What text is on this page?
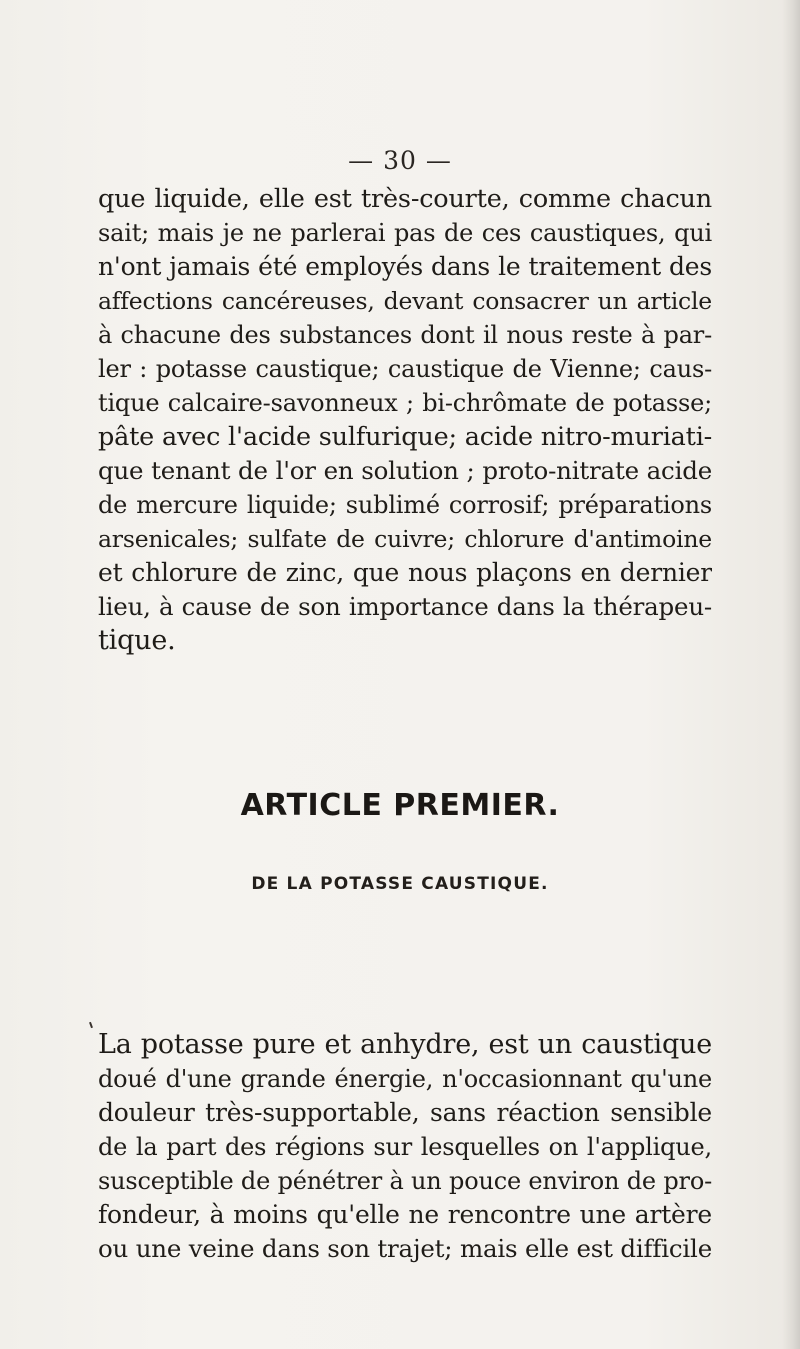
— 30 —
que liquide, elle est très-courte, comme chacun
sait; mais je ne parlerai pas de ces caustiques, qui
n'ont jamais été employés dans le traitement des
affections cancéreuses, devant consacrer un article
à chacune des substances dont il nous reste à par-
ler : potasse caustique; caustique de Vienne; caus-
tique calcaire-savonneux ; bi-chrômate de potasse;
pâte avec l'acide sulfurique; acide nitro-muriati-
que tenant de l'or en solution ; proto-nitrate acide
de mercure liquide; sublimé corrosif; préparations
arsenicales; sulfate de cuivre; chlorure d'antimoine
et chlorure de zinc, que nous plaçons en dernier
lieu, à cause de son importance dans la thérapeu-
tique.
ARTICLE PREMIER.
DE LA POTASSE CAUSTIQUE.
La potasse pure et anhydre, est un caustique
doué d'une grande énergie, n'occasionnant qu'une
douleur très-supportable, sans réaction sensible
de la part des régions sur lesquelles on l'applique,
susceptible de pénétrer à un pouce environ de pro-
fondeur, à moins qu'elle ne rencontre une artère
ou une veine dans son trajet; mais elle est difficile
